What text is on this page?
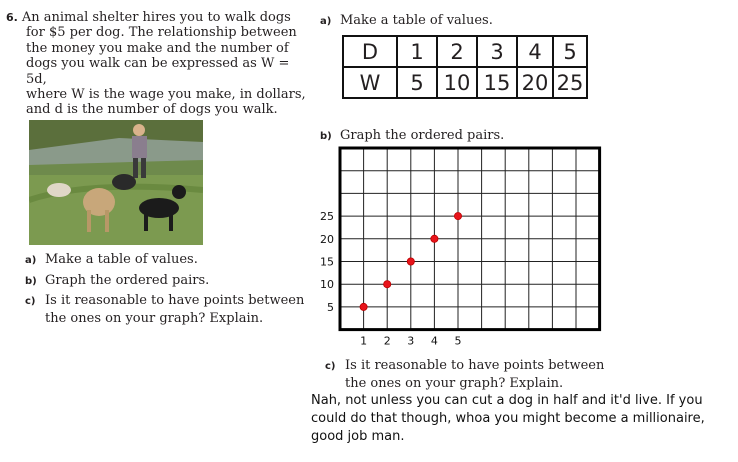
6. An animal shelter hires you to walk dogs
for $5 per dog. The relationship between
the money you make and the number of
dogs you walk can be expressed as W = 5d,
where W is the wage you make, in dollars,
and d is the number of dogs you walk.
a) Make a table of values.
b) Graph the ordered pairs.
c) Is it reasonable to have points between
the ones on your graph? Explain.
a) Make a table of values.
D	1	2	3	4	5
W	5	10	15	20	25
b) Graph the ordered pairs.
1 2 3 4 5
5
10
15
20
25
c) Is it reasonable to have points between
the ones on your graph? Explain.
Nah, not unless you can cut a dog in half and it'd live. If you
could do that though, whoa you might become a millionaire,
good job man.
